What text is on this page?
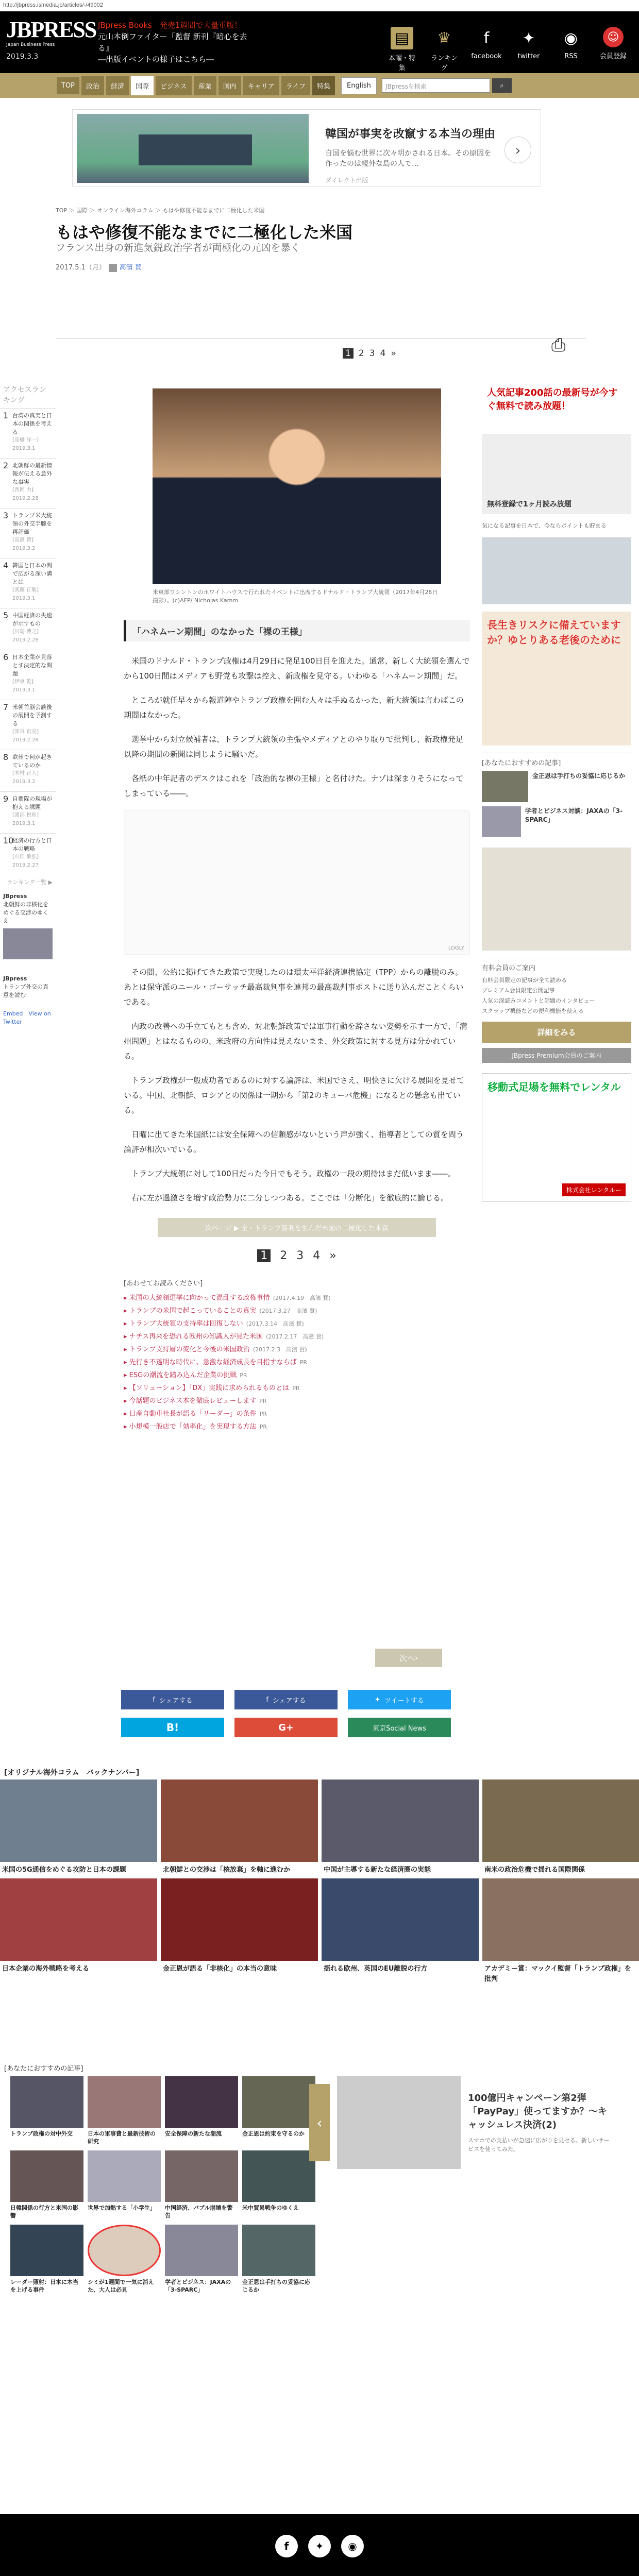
http://jbpress.ismedia.jp/articles/-/49002
JBPRESS
Japan Business Press
2019.3.3
JBpress Books　発売1週間で大量重版！
元山本倒ファイター「監督 新刊『暗心を去る』
―出版イベントの様子はこちら―
▤
本曜・特集
♛
ランキング
f
facebook
✦
twitter
◉
RSS
☺
会員登録
TOP	政治	経済	国際	ビジネス	産業	国内	キャリア	ライフ	特集	English	JBpressを検索	⌕
韓国が事実を改竄する本当の理由
自国を悩む世界に次々明かされる日本。その原因を作ったのは親外な島の人で…
ダイレクト出版
›
TOP ＞ 国際 ＞ オンライン海外コラム ＞ もはや修復不能なまでに二極化した米国
もはや修復不能なまでに二極化した米国
フランス出身の新進気鋭政治学者が両極化の元凶を暴く
2017.5.1（月）　	高濱 賛
⎙
1 2 3 4 »
アクセスランキング
1 台湾の真実と日本の関係を考える
[高橋 洋一] 2019.3.1
2 北朝鮮の最新情報が伝える意外な事実
[西岡 力] 2019.2.28
3 トランプ米大統領の外交手腕を再評価
[高濱 賛] 2019.3.2
4 韓国と日本の間で広がる深い溝とは
[武藤 正敏] 2019.3.1
5 中国経済の失速が示すもの
[川島 博之] 2019.2.28
6 日本企業が見落とす決定的な問題
[伊東 乾] 2019.3.1
7 米朝首脳会談後の展開を予測する
[部谷 直亮] 2019.2.28
8 欧州で何が起きているのか
[木村 正人] 2019.3.2
9 自衛隊の現場が抱える課題
[渡部 悦和] 2019.3.1
10
経済の行方と日本の戦略
[山田 敏弘] 2019.2.27
ランキング一覧 ▶
JBpress
北朝鮮の非核化をめぐる交渉のゆくえ
JBpress
トランプ外交の真意を読む
Embed　 View on Twitter
米東部ワシントンのホワイトハウスで行われたイベントに出席するドナルド・トランプ大統領（2017年4月26日撮影）。(c)AFP/ Nicholas Kamm
「ハネムーン期間」のなかった「裸の王様」

米国のドナルド・トランプ政権は4月29日に発足100日目を迎えた。通常、新しく大統領を選んでから100日間はメディアも野党も攻撃は控え、新政権を見守る。いわゆる「ハネムーン期間」だ。

ところが就任早々から報道陣やトランプ政権を囲む人々は手ぬるかった、新大統領は言わばこの期間はなかった。

選挙中から対立候補者は、トランプ大統領の主張やメディアとのやり取りで批判し、新政権発足以降の期間の新聞は同じように騒いだ。

各紙の中年記者のデスクはこれを「政治的な裸の王様」と名付けた。ナゾは深まりそうになってしまっている――。

LOGLY

その間、公約に掲げてきた政策で実現したのは環太平洋経済連携協定（TPP）からの離脱のみ。あとは保守派のニール・ゴーサッチ最高裁判事を連邦の最高裁判事ポストに送り込んだことくらいである。

内政の改善への手立てもとも含め、対北朝鮮政策では軍事行動を辞さない姿勢を示す一方で、「満州問題」とはなるものの、米政府の方向性は見えないまま、外交政策に対する見方は分かれている。

トランプ政権が一般成功者であるのに対する論評は、米国でさえ、明快さに欠ける展開を見せている。中国、北朝鮮、ロシアとの関係は一期から「第2のキューバ危機」になるとの懸念も出ている。

日曜に出てきた米国紙には安全保障への信頼感がないという声が強く、指導者としての質を問う論評が相次いでいる。

トランプ大統領に対して100日だった今日でもそう。政権の一段の期待はまだ低いまま――。

右に左が過激さを増す政治勢力に二分しつつある。ここでは「分断化」を徹底的に論じる。

次ページ ▶ 全・トランプ勝利を生んだ米国の二極化した本質
1 2 3 4 »
[あわせてお読みください]
▸ 米国の大統領選挙に向かって混乱する政権事情 (2017.4.19　高濱 賛)
▸ トランプの米国で起こっていることの真実 (2017.3.27　高濱 賛)
▸ トランプ大統領の支持率は回復しない (2017.3.14　高濱 賛)
▸ ナチス再来を恐れる欧州の知識人が見た米国 (2017.2.17　高濱 賛)
▸ トランプ支持層の変化と今後の米国政治 (2017.2.3　高濱 賛)
▸ 先行き不透明な時代に、急激な経済成長を目指すならば PR
▸ ESGの潮流を踏み込んだ企業の挑戦 PR
▸ 【ソリューション】「DX」実践に求められるものとは PR
▸ 今話題のビジネス本を徹底レビューします PR
▸ 日産自動車社長が語る「リーダー」の条件 PR
▸ 小規模一般店で「効率化」を実現する方法 PR
次へ ›
f シェアする	f シェアする	✦ ツイートする
B!	G+	東京Social News
人気記事200話の最新号が今すぐ無料で読み放題！
無料登録で1ヶ月読み放題
気になる記事を日本で、今ならポイントも貯まる
長生きリスクに備えていますか？ゆとりある老後のために
[あなたにおすすめの記事]
金正恩は手打ちの妥協に応じるか
学者とビジネス対談：JAXAの「3-SPARC」
有料会員のご案内
有料会員限定の記事が全て読める
プレミアム会員限定公開記事
人気の深読みコメントと話題のインタビュー
スクラップ機能などの便利機能を使える
詳細をみる
JBpress Premium会員のご案内
移動式足場を無料でレンタル
株式会社レンタルー
[オリジナル海外コラム　バックナンバー]
米国の5G通信をめぐる攻防と日本の課題	北朝鮮との交渉は「核放棄」を軸に進むか	中国が主導する新たな経済圏の実態	南米の政治危機で揺れる国際関係
日本企業の海外戦略を考える	金正恩が語る「非核化」の本当の意味	揺れる欧州、英国のEU離脱の行方	アカデミー賞：マックイ監督「トランプ政権」を批判
[あなたにおすすめの記事]
トランプ政権の対中外交	日本の軍事費と最新技術の研究
安全保障の新たな潮流	金正恩は約束を守るのか
日韓関係の行方と米国の影響
世界で加熱する「小学生」	中国経済、バブル崩壊を警告
米中貿易戦争のゆくえ
レーダー照射：日本に本当を上げる事件
シミが1週間で一気に消えた、大人は必見
学者とビジネス：JAXAの「3-SPARC」
金正恩は手打ちの妥協に応じるか
‹
100億円キャンペーン第2弾「PayPay」使ってますか？～キャッシュレス決済(2)
スマホでの支払いが急速に広がりを見せる。新しいサービスを使ってみた。
f	✦	◉
